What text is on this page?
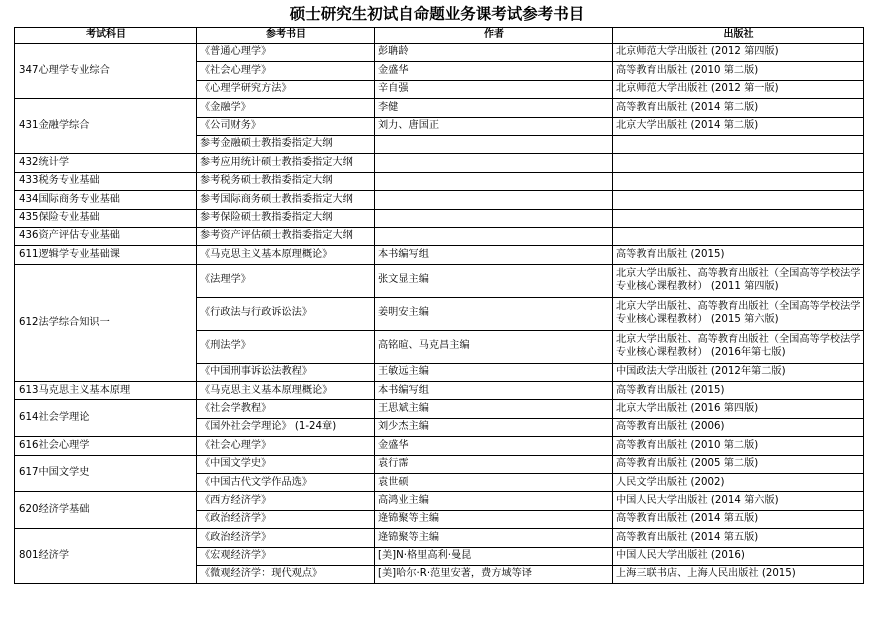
硕士研究生初试自命题业务课考试参考书目
考试科目	参考书目	作者	出版社
347心理学专业综合	《普通心理学》	彭聃龄	北京师范大学出版社 (2012 第四版)
	《社会心理学》	金盛华	高等教育出版社 (2010 第二版)
	《心理学研究方法》	辛自强	北京师范大学出版社 (2012 第一版)
431金融学综合	《金融学》	李健	高等教育出版社 (2014 第二版)
	《公司财务》	刘力、唐国正	北京大学出版社 (2014 第二版)
	参考金融硕士教指委指定大纲		
432统计学	参考应用统计硕士教指委指定大纲		
433税务专业基础	参考税务硕士教指委指定大纲		
434国际商务专业基础	参考国际商务硕士教指委指定大纲		
435保险专业基础	参考保险硕士教指委指定大纲		
436资产评估专业基础	参考资产评估硕士教指委指定大纲		
611逻辑学专业基础课	《马克思主义基本原理概论》	本书编写组	高等教育出版社 (2015)
612法学综合知识一	《法理学》	张文显主编	北京大学出版社、高等教育出版社（全国高等学校法学专业核心课程教材） (2011 第四版)
	《行政法与行政诉讼法》	姜明安主编	北京大学出版社、高等教育出版社（全国高等学校法学专业核心课程教材） (2015 第六版)
	《刑法学》	高铭暄、马克昌主编	北京大学出版社、高等教育出版社（全国高等学校法学专业核心课程教材） (2016年第七版)
	《中国刑事诉讼法教程》	王敏远主编	中国政法大学出版社 (2012年第二版)
613马克思主义基本原理	《马克思主义基本原理概论》	本书编写组	高等教育出版社 (2015)
614社会学理论	《社会学教程》	王思斌主编	北京大学出版社 (2016 第四版)
	《国外社会学理论》 (1-24章)	刘少杰主编	高等教育出版社 (2006)
616社会心理学	《社会心理学》	金盛华	高等教育出版社 (2010 第二版)
617中国文学史	《中国文学史》	袁行霈	高等教育出版社 (2005 第二版)
	《中国古代文学作品选》	袁世硕	人民文学出版社 (2002)
620经济学基础	《西方经济学》	高鸿业主编	中国人民大学出版社 (2014 第六版)
	《政治经济学》	逄锦聚等主编	高等教育出版社 (2014 第五版)
801经济学	《政治经济学》	逄锦聚等主编	高等教育出版社 (2014 第五版)
	《宏观经济学》	[美]N·格里高利·曼昆	中国人民大学出版社 (2016)
	《微观经济学：现代观点》	[美]哈尔·R·范里安著，费方域等译	上海三联书店、上海人民出版社 (2015)
